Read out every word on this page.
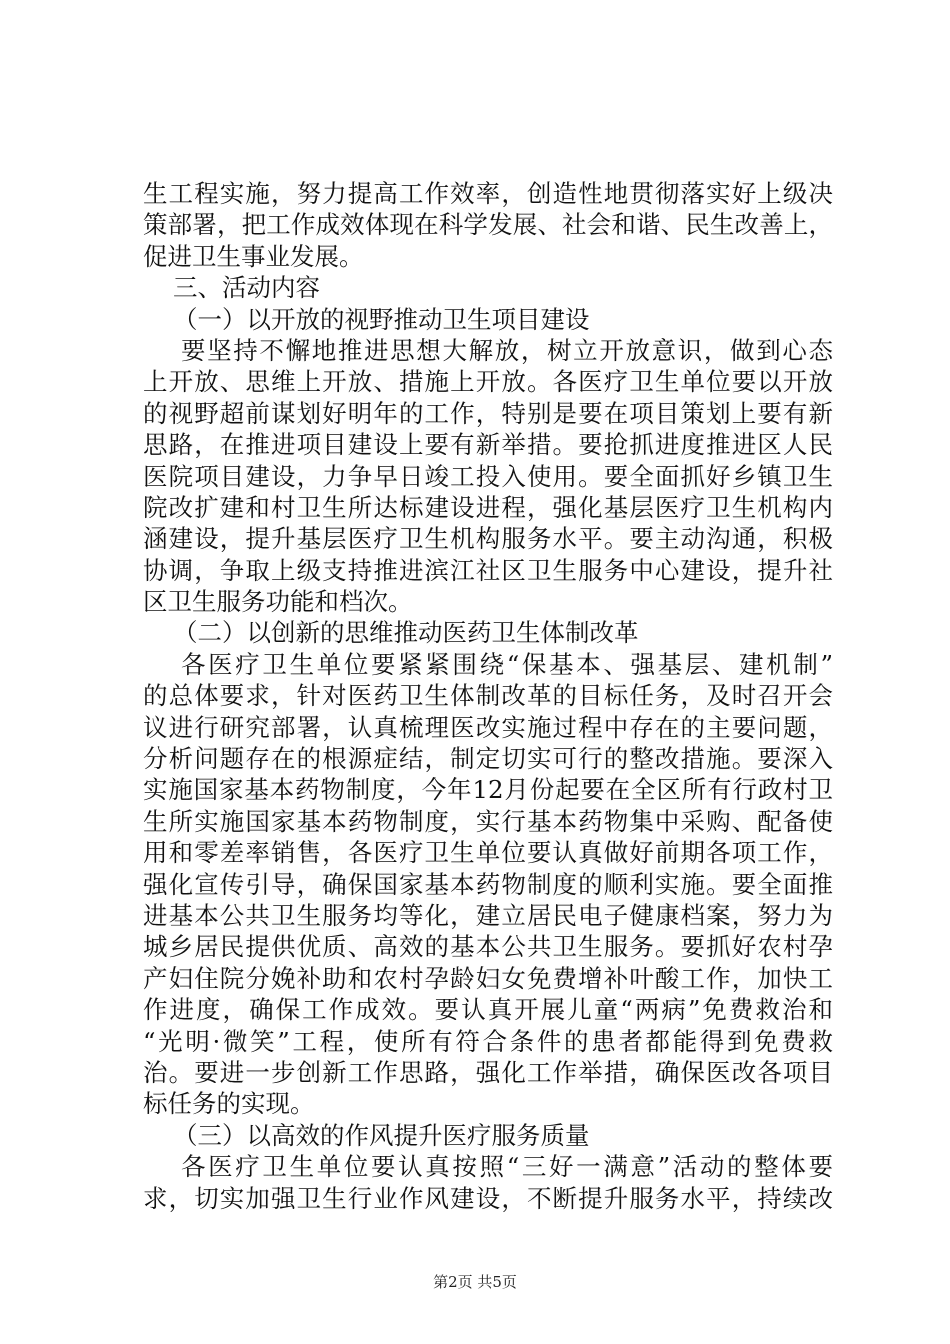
生工程实施，努力提高工作效率，创造性地贯彻落实好上级决
策部署，把工作成效体现在科学发展、社会和谐、民生改善上，
促进卫生事业发展。
三、活动内容
（一）以开放的视野推动卫生项目建设
要坚持不懈地推进思想大解放，树立开放意识，做到心态
上开放、思维上开放、措施上开放。各医疗卫生单位要以开放
的视野超前谋划好明年的工作，特别是要在项目策划上要有新
思路，在推进项目建设上要有新举措。要抢抓进度推进区人民
医院项目建设，力争早日竣工投入使用。要全面抓好乡镇卫生
院改扩建和村卫生所达标建设进程，强化基层医疗卫生机构内
涵建设，提升基层医疗卫生机构服务水平。要主动沟通，积极
协调，争取上级支持推进滨江社区卫生服务中心建设，提升社
区卫生服务功能和档次。
（二）以创新的思维推动医药卫生体制改革
各医疗卫生单位要紧紧围绕“保基本、强基层、建机制”
的总体要求，针对医药卫生体制改革的目标任务，及时召开会
议进行研究部署，认真梳理医改实施过程中存在的主要问题，
分析问题存在的根源症结，制定切实可行的整改措施。要深入
实施国家基本药物制度，今年12月份起要在全区所有行政村卫
生所实施国家基本药物制度，实行基本药物集中采购、配备使
用和零差率销售，各医疗卫生单位要认真做好前期各项工作，
强化宣传引导，确保国家基本药物制度的顺利实施。要全面推
进基本公共卫生服务均等化，建立居民电子健康档案，努力为
城乡居民提供优质、高效的基本公共卫生服务。要抓好农村孕
产妇住院分娩补助和农村孕龄妇女免费增补叶酸工作，加快工
作进度，确保工作成效。要认真开展儿童“两病”免费救治和
“光明·微笑”工程，使所有符合条件的患者都能得到免费救
治。要进一步创新工作思路，强化工作举措，确保医改各项目
标任务的实现。
（三）以高效的作风提升医疗服务质量
各医疗卫生单位要认真按照“三好一满意”活动的整体要
求，切实加强卫生行业作风建设，不断提升服务水平，持续改
第2页 共5页
